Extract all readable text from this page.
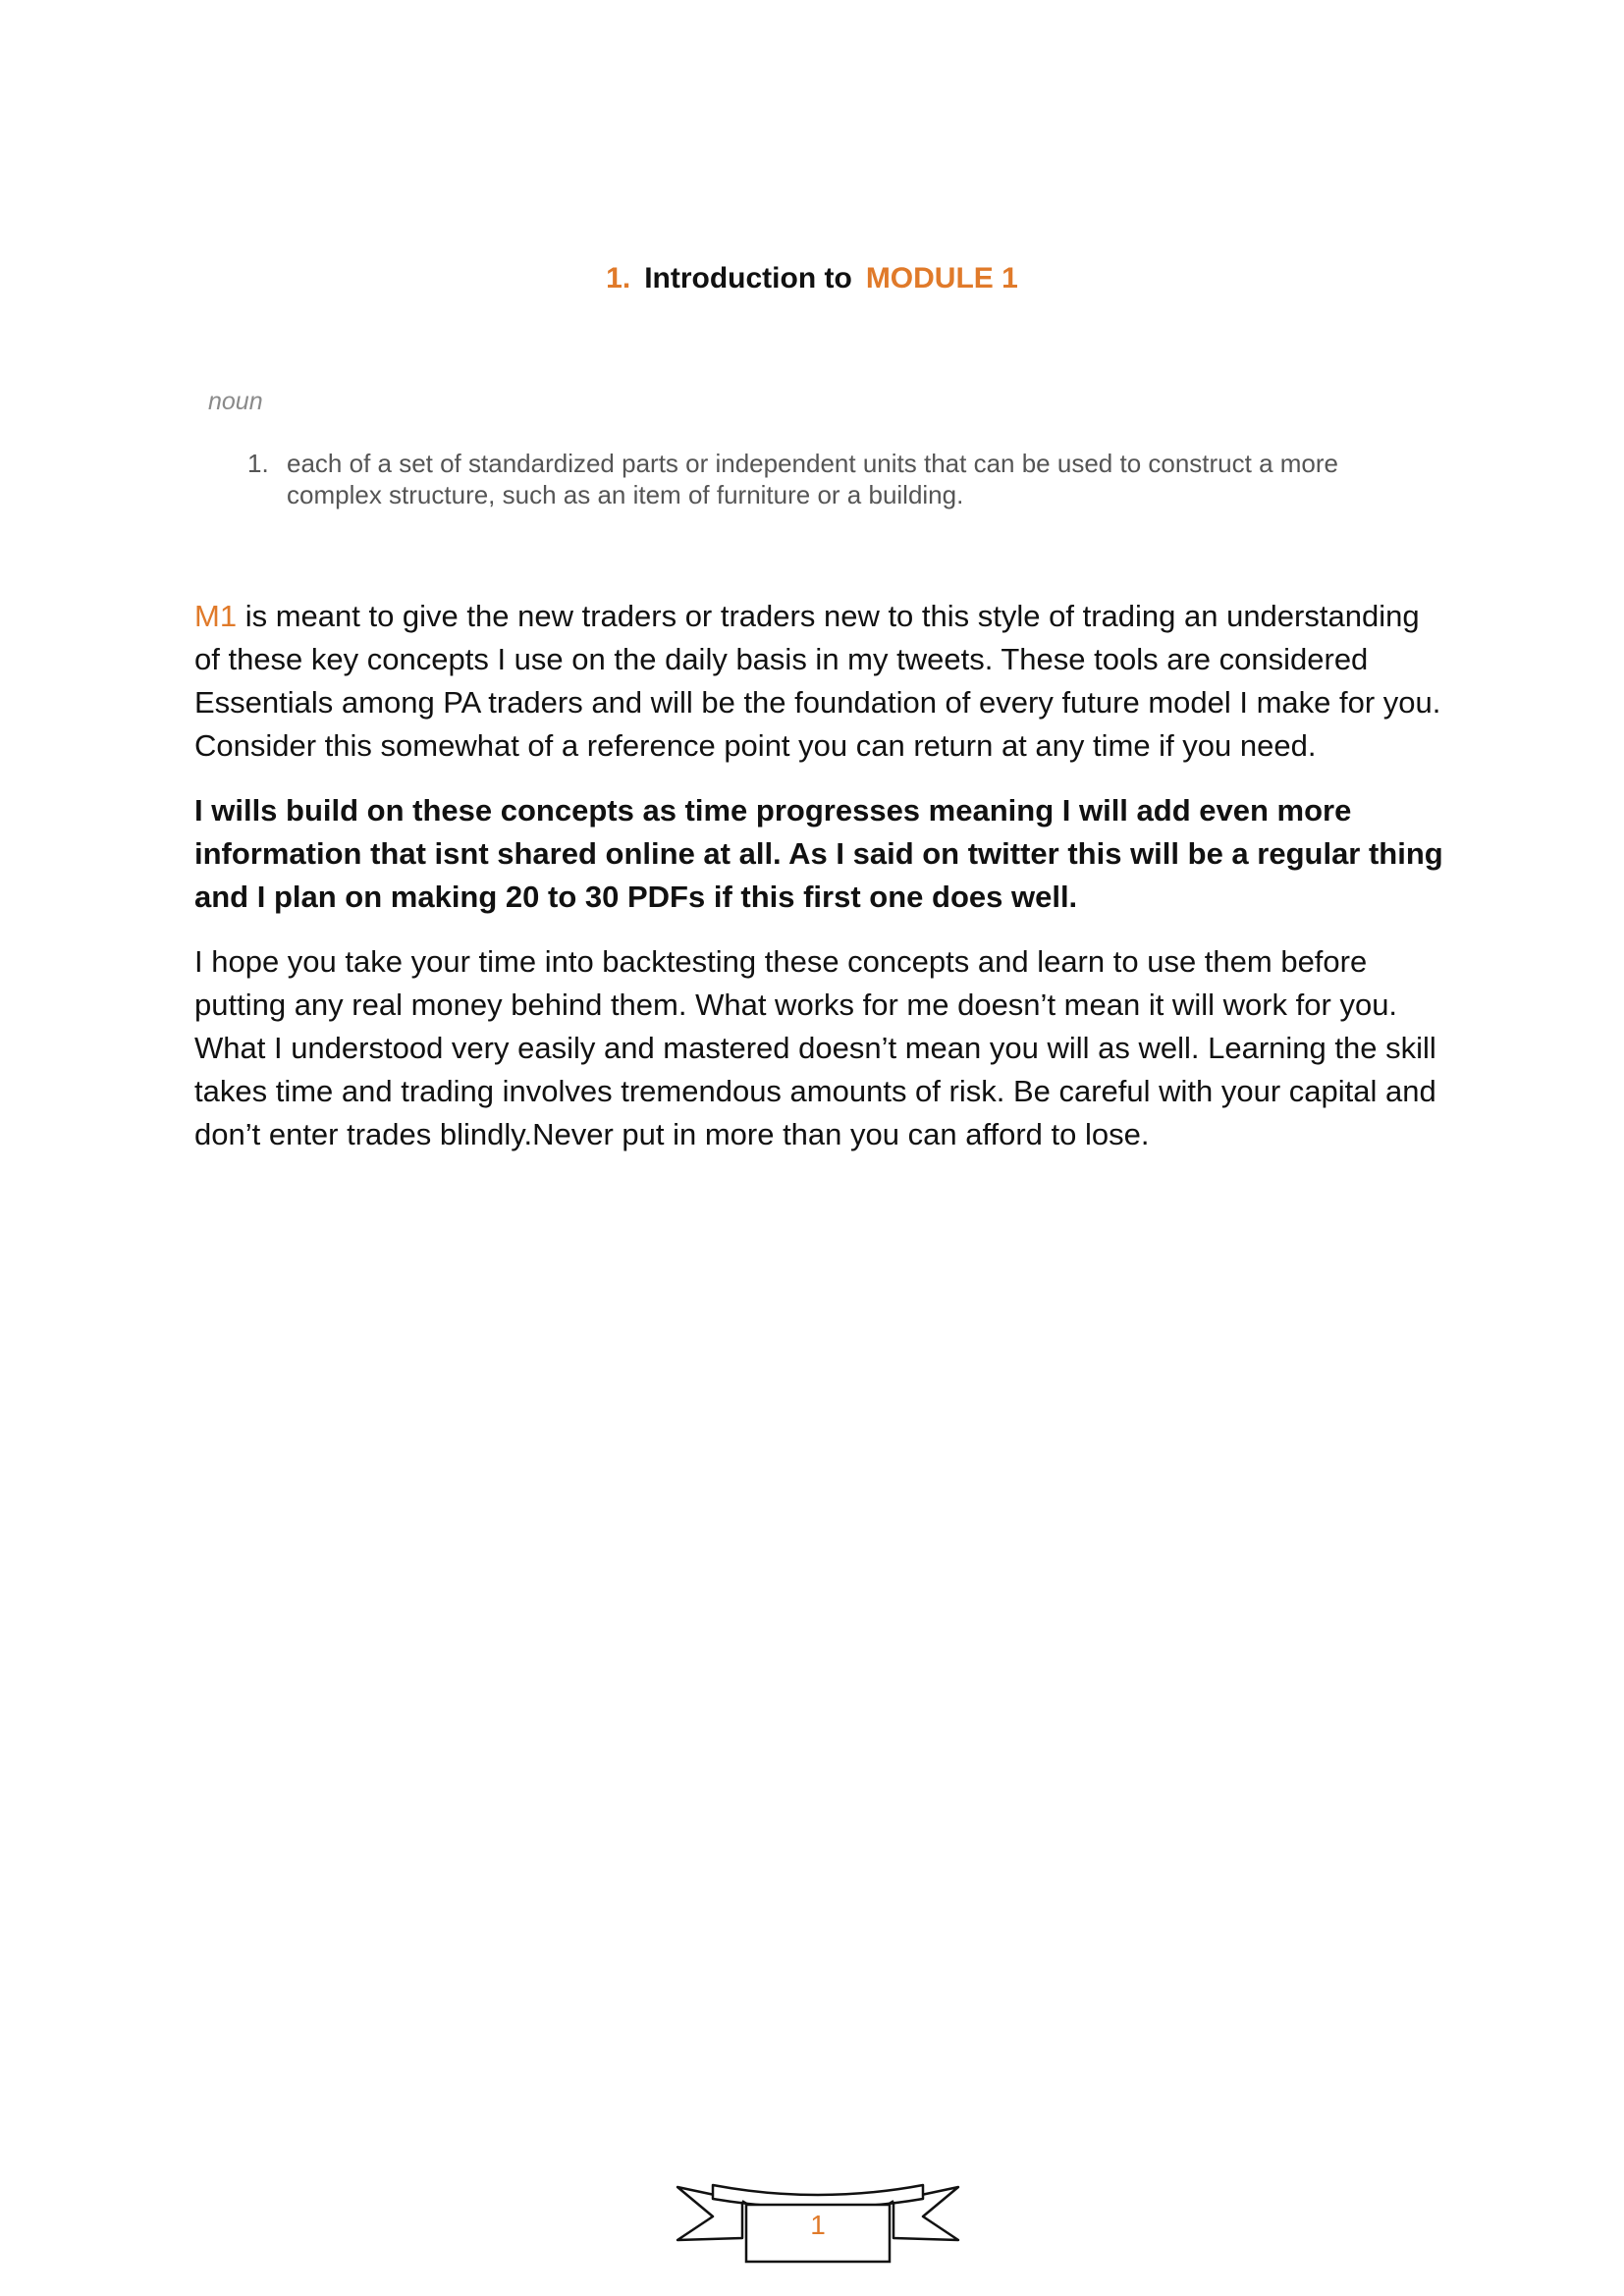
1. Introduction to MODULE 1
noun
1. each of a set of standardized parts or independent units that can be used to construct a more
complex structure, such as an item of furniture or a building.

M1 is meant to give the new traders or traders new to this style of trading an understanding of these key concepts I use on the daily basis in my tweets. These tools are considered Essentials among PA traders and will be the foundation of every future model I make for you. Consider this somewhat of a reference point you can return at any time if you need.

I wills build on these concepts as time progresses meaning I will add even more information that isnt shared online at all. As I said on twitter this will be a regular thing and I plan on making 20 to 30 PDFs if this first one does well.

I hope you take your time into backtesting these concepts and learn to use them before putting any real money behind them. What works for me doesn’t mean it will work for you. What I understood very easily and mastered doesn’t mean you will as well. Learning the skill takes time and trading involves tremendous amounts of risk. Be careful with your capital and don’t enter trades blindly.Never put in more than you can afford to lose.

1
